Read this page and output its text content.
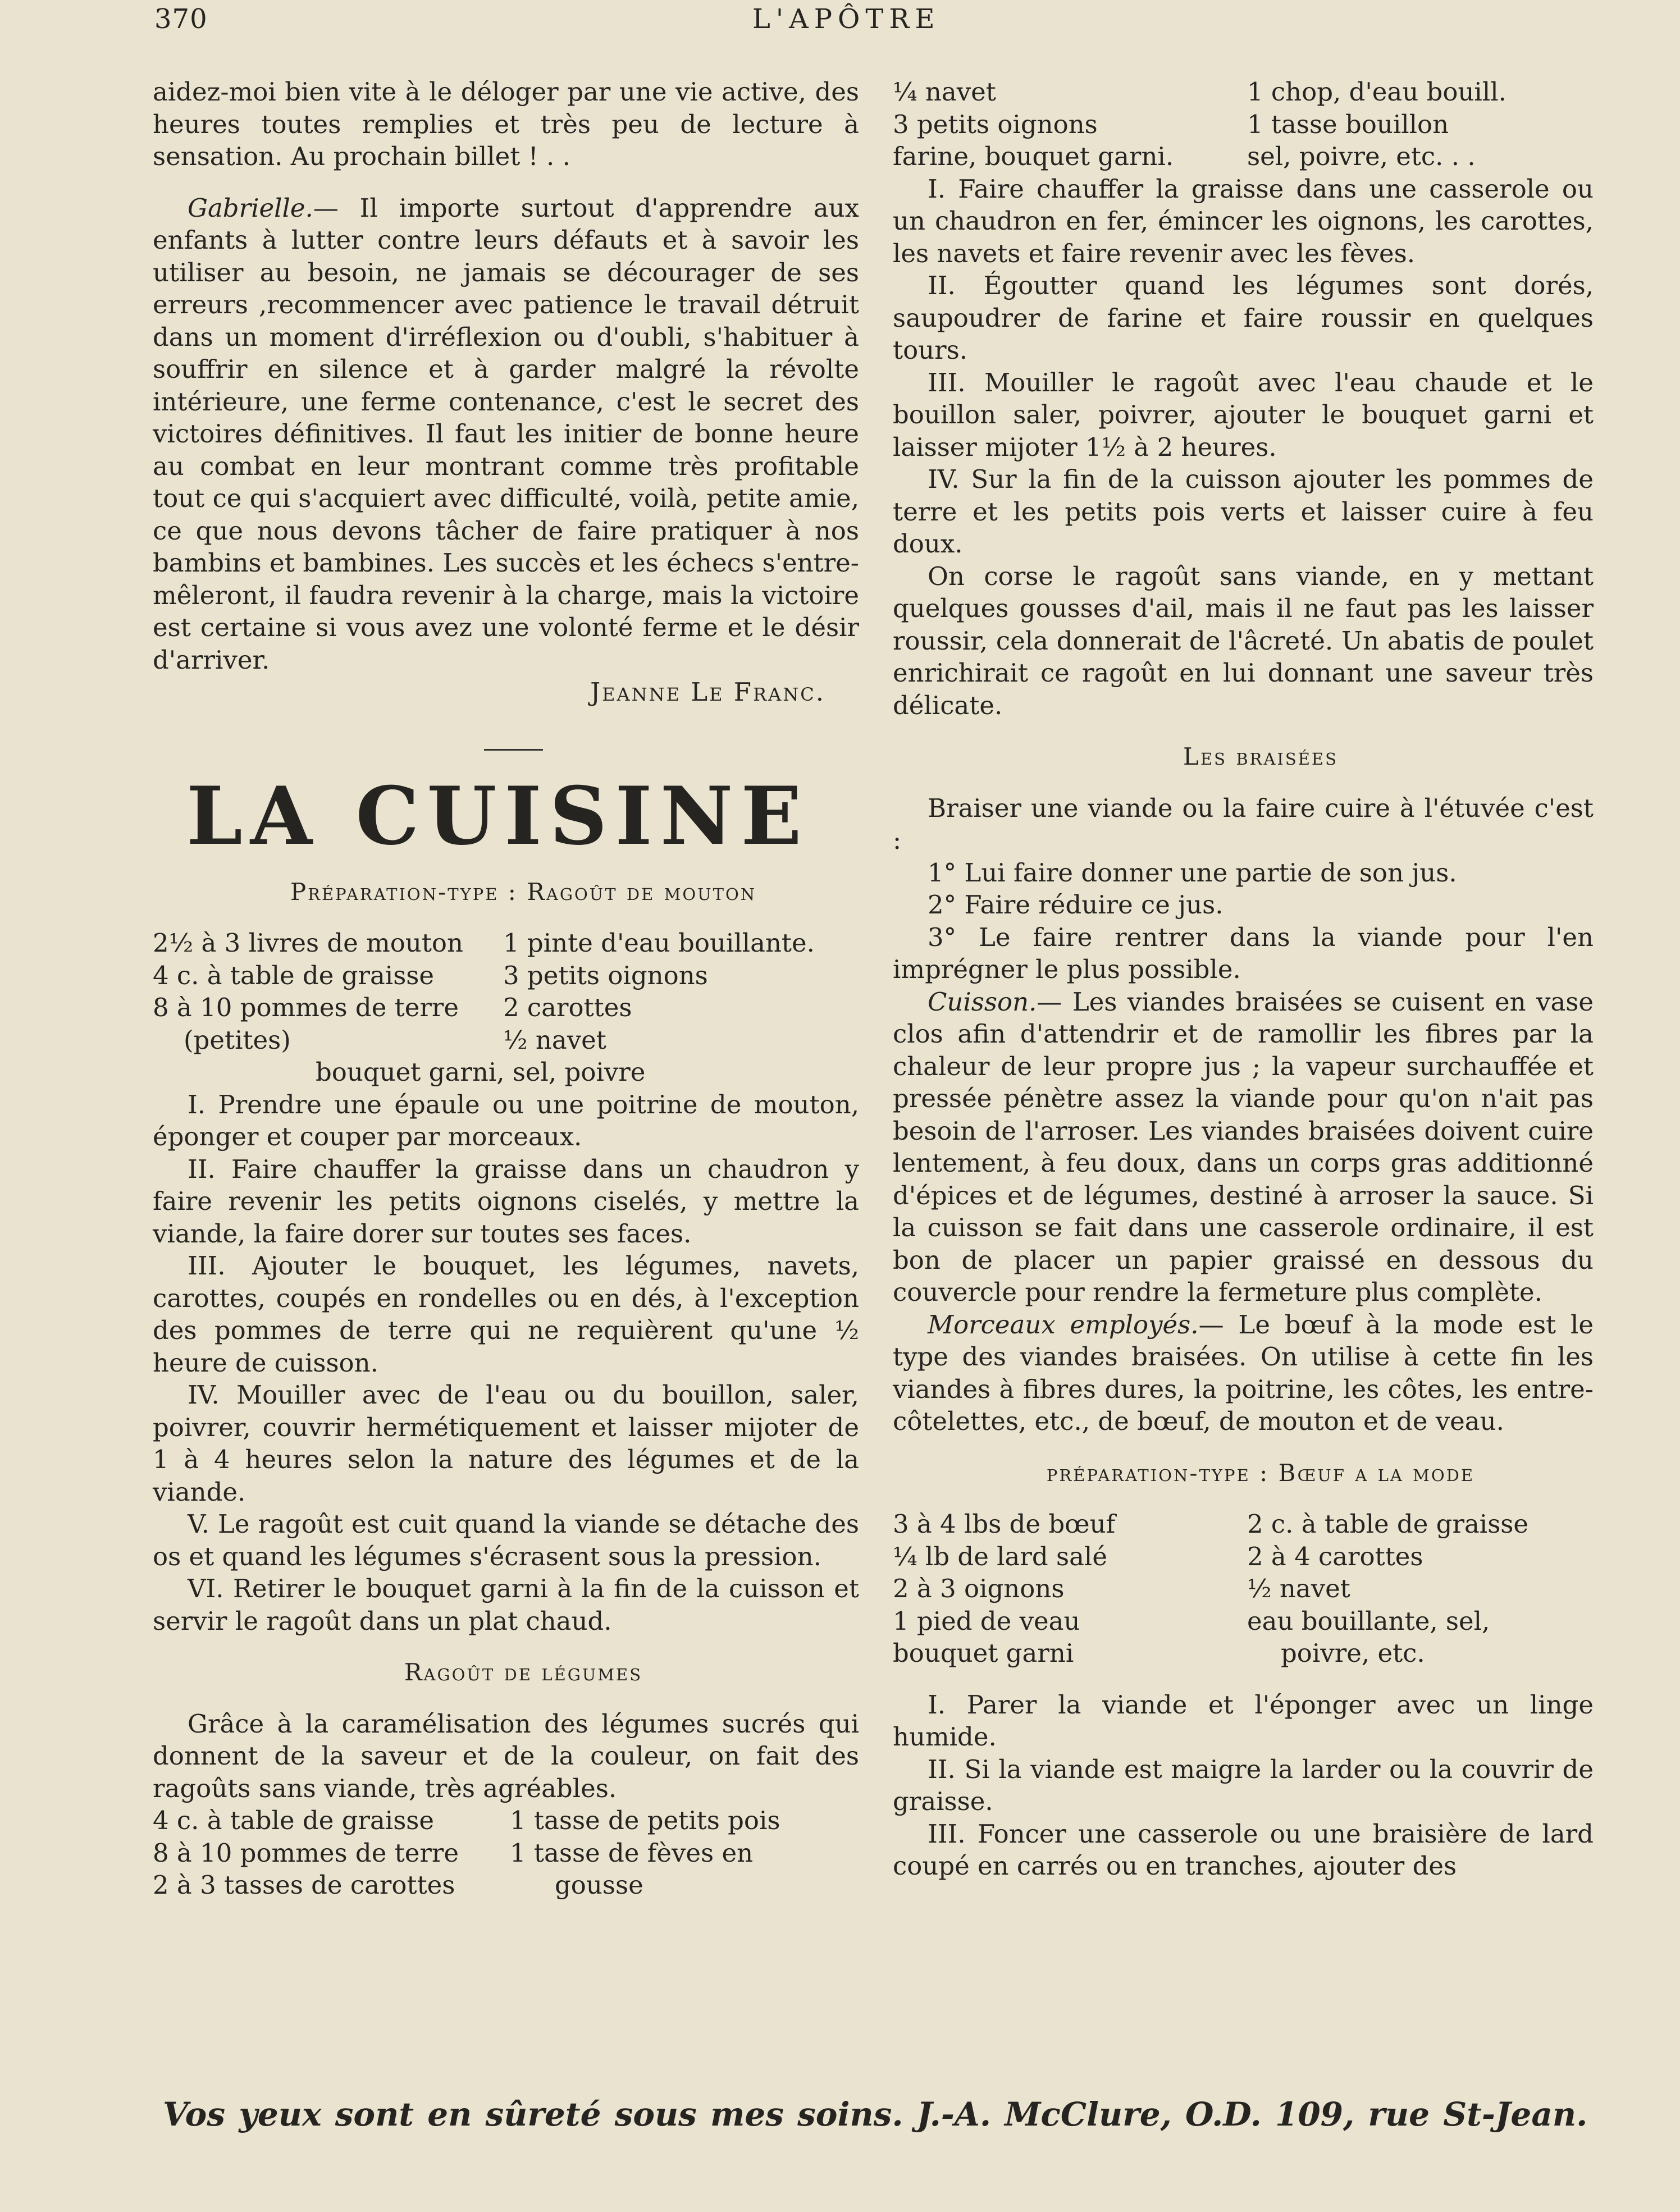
370	L'APÔTRE

aidez-moi bien vite à le déloger par une vie active, des heures toutes remplies et très peu de lecture à sensation. Au prochain billet ! . .

Gabrielle.— Il importe surtout d'apprendre aux enfants à lutter contre leurs défauts et à savoir les utiliser au besoin, ne jamais se décourager de ses erreurs ,recommencer avec patience le travail détruit dans un moment d'irréflexion ou d'oubli, s'habituer à souffrir en silence et à garder malgré la révolte intérieure, une ferme contenance, c'est le secret des victoires définitives. Il faut les initier de bonne heure au combat en leur montrant comme très profitable tout ce qui s'acquiert avec difficulté, voilà, petite amie, ce que nous devons tâcher de faire pratiquer à nos bambins et bambines. Les succès et les échecs s'entre-mêleront, il faudra revenir à la charge, mais la victoire est certaine si vous avez une volonté ferme et le désir d'arriver.

Jeanne Le Franc.
LA CUISINE

Préparation-type : Ragoût de mouton

2½ à 3 livres de mouton	1 pinte d'eau bouillante.
4 c. à table de graisse	3 petits oignons
8 à 10 pommes de terre	2 carottes
(petites)	½ navet

bouquet garni, sel, poivre

I. Prendre une épaule ou une poitrine de mouton, éponger et couper par morceaux.

II. Faire chauffer la graisse dans un chaudron y faire revenir les petits oignons ciselés, y mettre la viande, la faire dorer sur toutes ses faces.

III. Ajouter le bouquet, les légumes, navets, carottes, coupés en rondelles ou en dés, à l'exception des pommes de terre qui ne requièrent qu'une ½ heure de cuisson.

IV. Mouiller avec de l'eau ou du bouillon, saler, poivrer, couvrir hermétiquement et laisser mijoter de 1 à 4 heures selon la nature des légumes et de la viande.

V. Le ragoût est cuit quand la viande se détache des os et quand les légumes s'écrasent sous la pression.

VI. Retirer le bouquet garni à la fin de la cuisson et servir le ragoût dans un plat chaud.

Ragoût de légumes

Grâce à la caramélisation des légumes sucrés qui donnent de la saveur et de la couleur, on fait des ragoûts sans viande, très agréables.

4 c. à table de graisse	1 tasse de petits pois
8 à 10 pommes de terre	1 tasse de fèves en
2 à 3 tasses de carottes	gousse
¼ navet	1 chop, d'eau bouill.
3 petits oignons	1 tasse bouillon
farine, bouquet garni.	sel, poivre, etc. . .

I. Faire chauffer la graisse dans une casserole ou un chaudron en fer, émincer les oignons, les carottes, les navets et faire revenir avec les fèves.

II. Égoutter quand les légumes sont dorés, saupoudrer de farine et faire roussir en quelques tours.

III. Mouiller le ragoût avec l'eau chaude et le bouillon saler, poivrer, ajouter le bouquet garni et laisser mijoter 1½ à 2 heures.

IV. Sur la fin de la cuisson ajouter les pommes de terre et les petits pois verts et laisser cuire à feu doux.

On corse le ragoût sans viande, en y mettant quelques gousses d'ail, mais il ne faut pas les laisser roussir, cela donnerait de l'âcreté. Un abatis de poulet enrichirait ce ragoût en lui donnant une saveur très délicate.

Les braisées

Braiser une viande ou la faire cuire à l'étuvée c'est :

1° Lui faire donner une partie de son jus.

2° Faire réduire ce jus.

3° Le faire rentrer dans la viande pour l'en imprégner le plus possible.

Cuisson.— Les viandes braisées se cuisent en vase clos afin d'attendrir et de ramollir les fibres par la chaleur de leur propre jus ; la vapeur surchauffée et pressée pénètre assez la viande pour qu'on n'ait pas besoin de l'arroser. Les viandes braisées doivent cuire lentement, à feu doux, dans un corps gras additionné d'épices et de légumes, destiné à arroser la sauce. Si la cuisson se fait dans une casserole ordinaire, il est bon de placer un papier graissé en dessous du couvercle pour rendre la fermeture plus complète.

Morceaux employés.— Le bœuf à la mode est le type des viandes braisées. On utilise à cette fin les viandes à fibres dures, la poitrine, les côtes, les entre-côtelettes, etc., de bœuf, de mouton et de veau.

préparation-type : Bœuf a la mode

3 à 4 lbs de bœuf	2 c. à table de graisse
¼ lb de lard salé	2 à 4 carottes
2 à 3 oignons	½ navet
1 pied de veau	eau bouillante, sel,
bouquet garni	poivre, etc.

I. Parer la viande et l'éponger avec un linge humide.

II. Si la viande est maigre la larder ou la couvrir de graisse.

III. Foncer une casserole ou une braisière de lard coupé en carrés ou en tranches, ajouter des

Vos yeux sont en sûreté sous mes soins. J.-A. McClure, O.D. 109, rue St-Jean.
